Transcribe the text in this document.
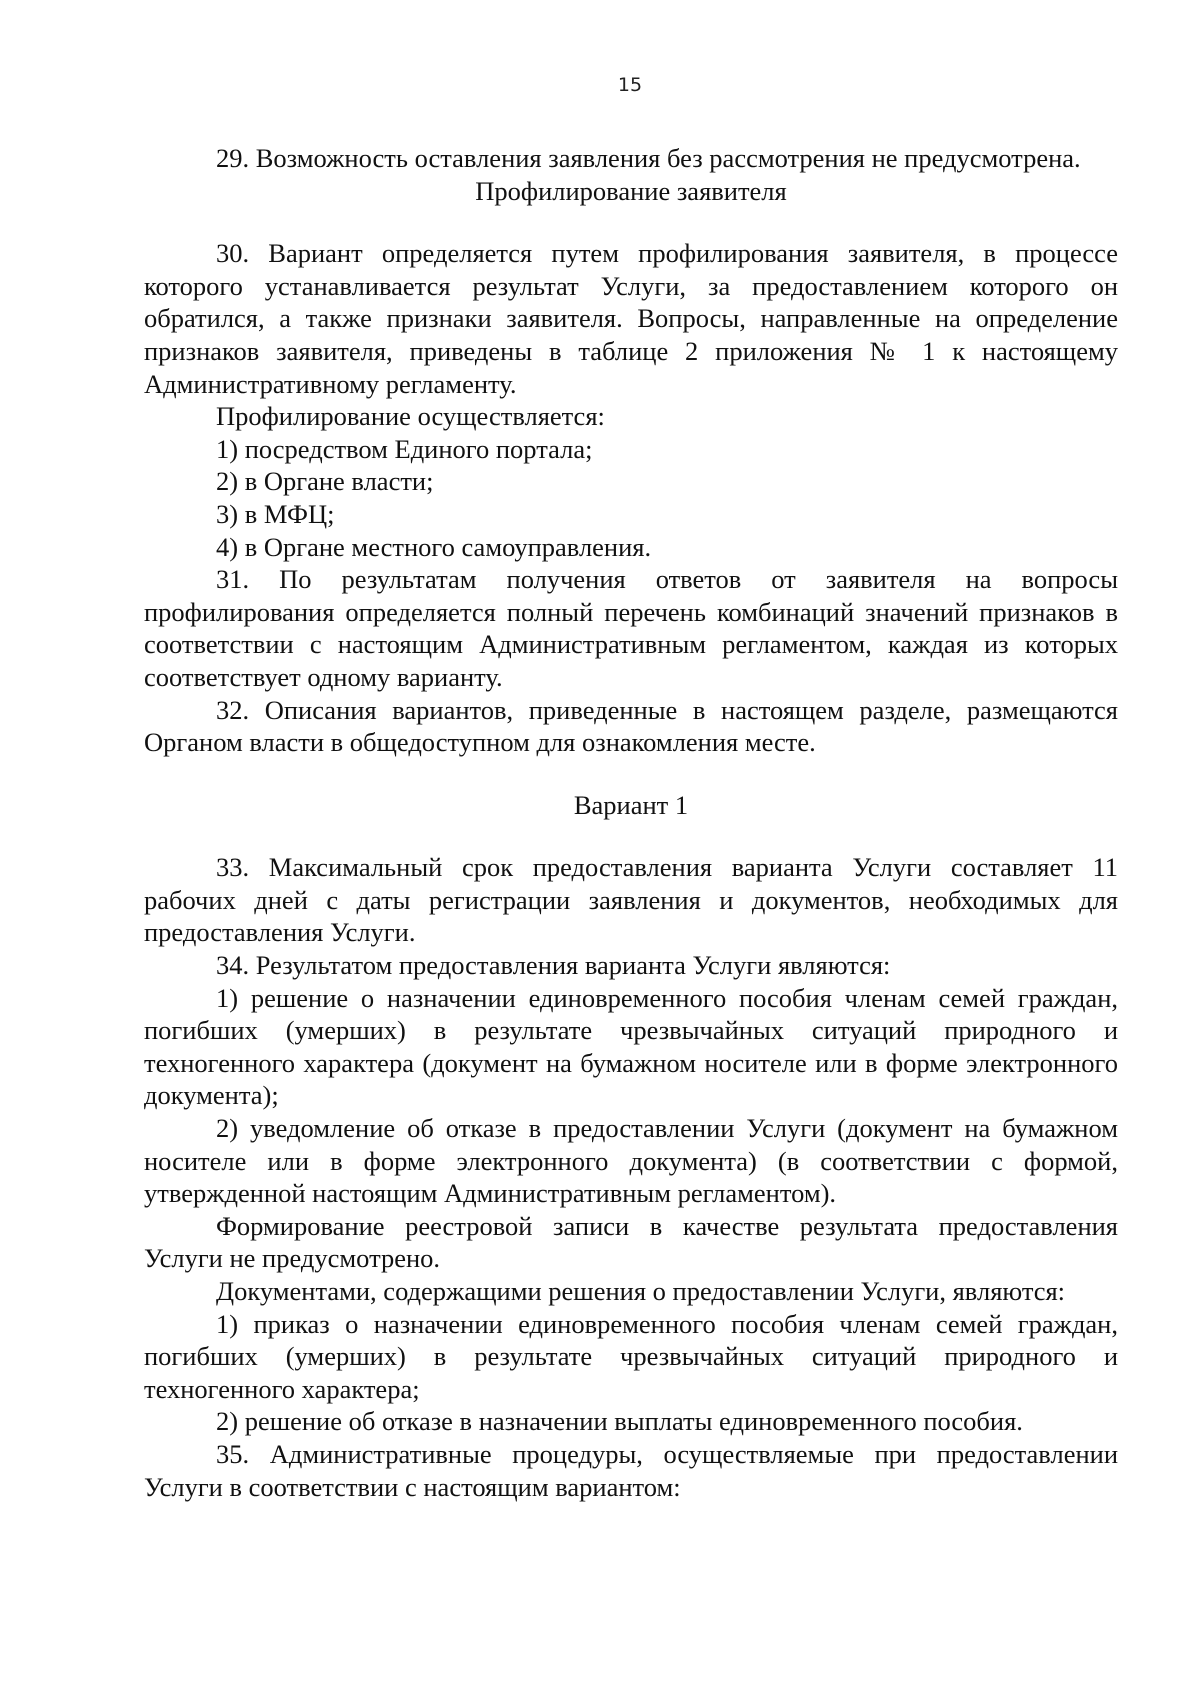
15

29. Возможность оставления заявления без рассмотрения не предусмотрена.

Профилирование заявителя

30. Вариант определяется путем профилирования заявителя, в процессе которого устанавливается результат Услуги, за предоставлением которого он обратился, а также признаки заявителя. Вопросы, направленные на определение признаков заявителя, приведены в таблице 2 приложения № 1 к настоящему Административному регламенту.

Профилирование осуществляется:

1) посредством Единого портала;

2) в Органе власти;

3) в МФЦ;

4) в Органе местного самоуправления.

31. По результатам получения ответов от заявителя на вопросы профилирования определяется полный перечень комбинаций значений признаков в соответствии с настоящим Административным регламентом, каждая из которых соответствует одному варианту.

32. Описания вариантов, приведенные в настоящем разделе, размещаются Органом власти в общедоступном для ознакомления месте.

Вариант 1

33. Максимальный срок предоставления варианта Услуги составляет 11 рабочих дней с даты регистрации заявления и документов, необходимых для предоставления Услуги.

34. Результатом предоставления варианта Услуги являются:

1) решение о назначении единовременного пособия членам семей граждан, погибших (умерших) в результате чрезвычайных ситуаций природного и техногенного характера (документ на бумажном носителе или в форме электронного документа);

2) уведомление об отказе в предоставлении Услуги (документ на бумажном носителе или в форме электронного документа) (в соответствии с формой, утвержденной настоящим Административным регламентом).

Формирование реестровой записи в качестве результата предоставления Услуги не предусмотрено.

Документами, содержащими решения о предоставлении Услуги, являются:

1) приказ о назначении единовременного пособия членам семей граждан, погибших (умерших) в результате чрезвычайных ситуаций природного и техногенного характера;

2) решение об отказе в назначении выплаты единовременного пособия.

35. Административные процедуры, осуществляемые при предоставлении Услуги в соответствии с настоящим вариантом:
